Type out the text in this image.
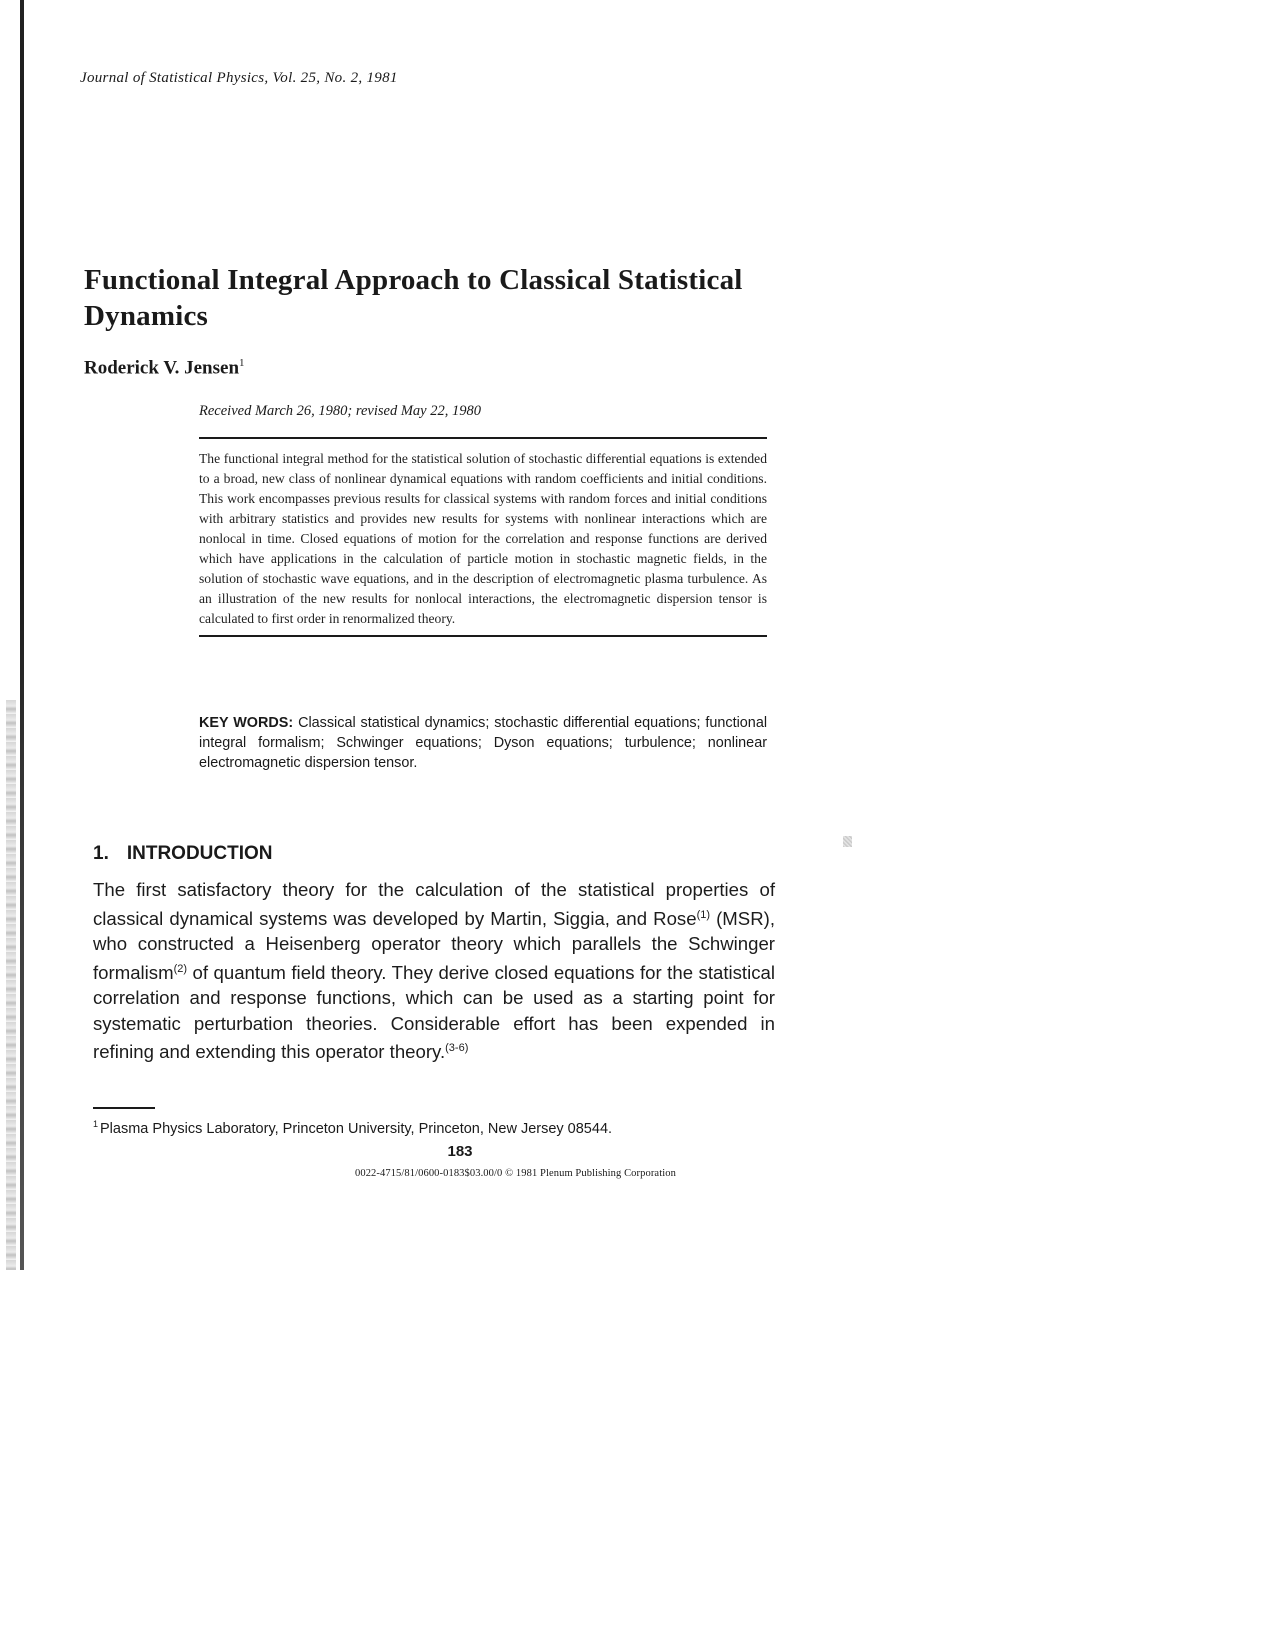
Journal of Statistical Physics, Vol. 25, No. 2, 1981
Functional Integral Approach to Classical Statistical Dynamics
Roderick V. Jensen$^1$
Received March 26, 1980; revised May 22, 1980
The functional integral method for the statistical solution of stochastic differential equations is extended to a broad, new class of nonlinear dynamical equations with random coefficients and initial conditions. This work encompasses previous results for classical systems with random forces and initial conditions with arbitrary statistics and provides new results for systems with nonlinear interactions which are nonlocal in time. Closed equations of motion for the correlation and response functions are derived which have applications in the calculation of particle motion in stochastic magnetic fields, in the solution of stochastic wave equations, and in the description of electromagnetic plasma turbulence. As an illustration of the new results for nonlocal interactions, the electromagnetic dispersion tensor is calculated to first order in renormalized theory.
KEY WORDS: Classical statistical dynamics; stochastic differential equations; functional integral formalism; Schwinger equations; Dyson equations; turbulence; nonlinear electromagnetic dispersion tensor.
1. INTRODUCTION

The first satisfactory theory for the calculation of the statistical properties of classical dynamical systems was developed by Martin, Siggia, and Rose$^{(1)}$ (MSR), who constructed a Heisenberg operator theory which parallels the Schwinger formalism$^{(2)}$ of quantum field theory. They derive closed equations for the statistical correlation and response functions, which can be used as a starting point for systematic perturbation theories. Considerable effort has been expended in refining and extending this operator theory.$^{(3-6)}$

$^1$ Plasma Physics Laboratory, Princeton University, Princeton, New Jersey 08544.
183
0022-4715/81/0600-0183$03.00/0 © 1981 Plenum Publishing Corporation
